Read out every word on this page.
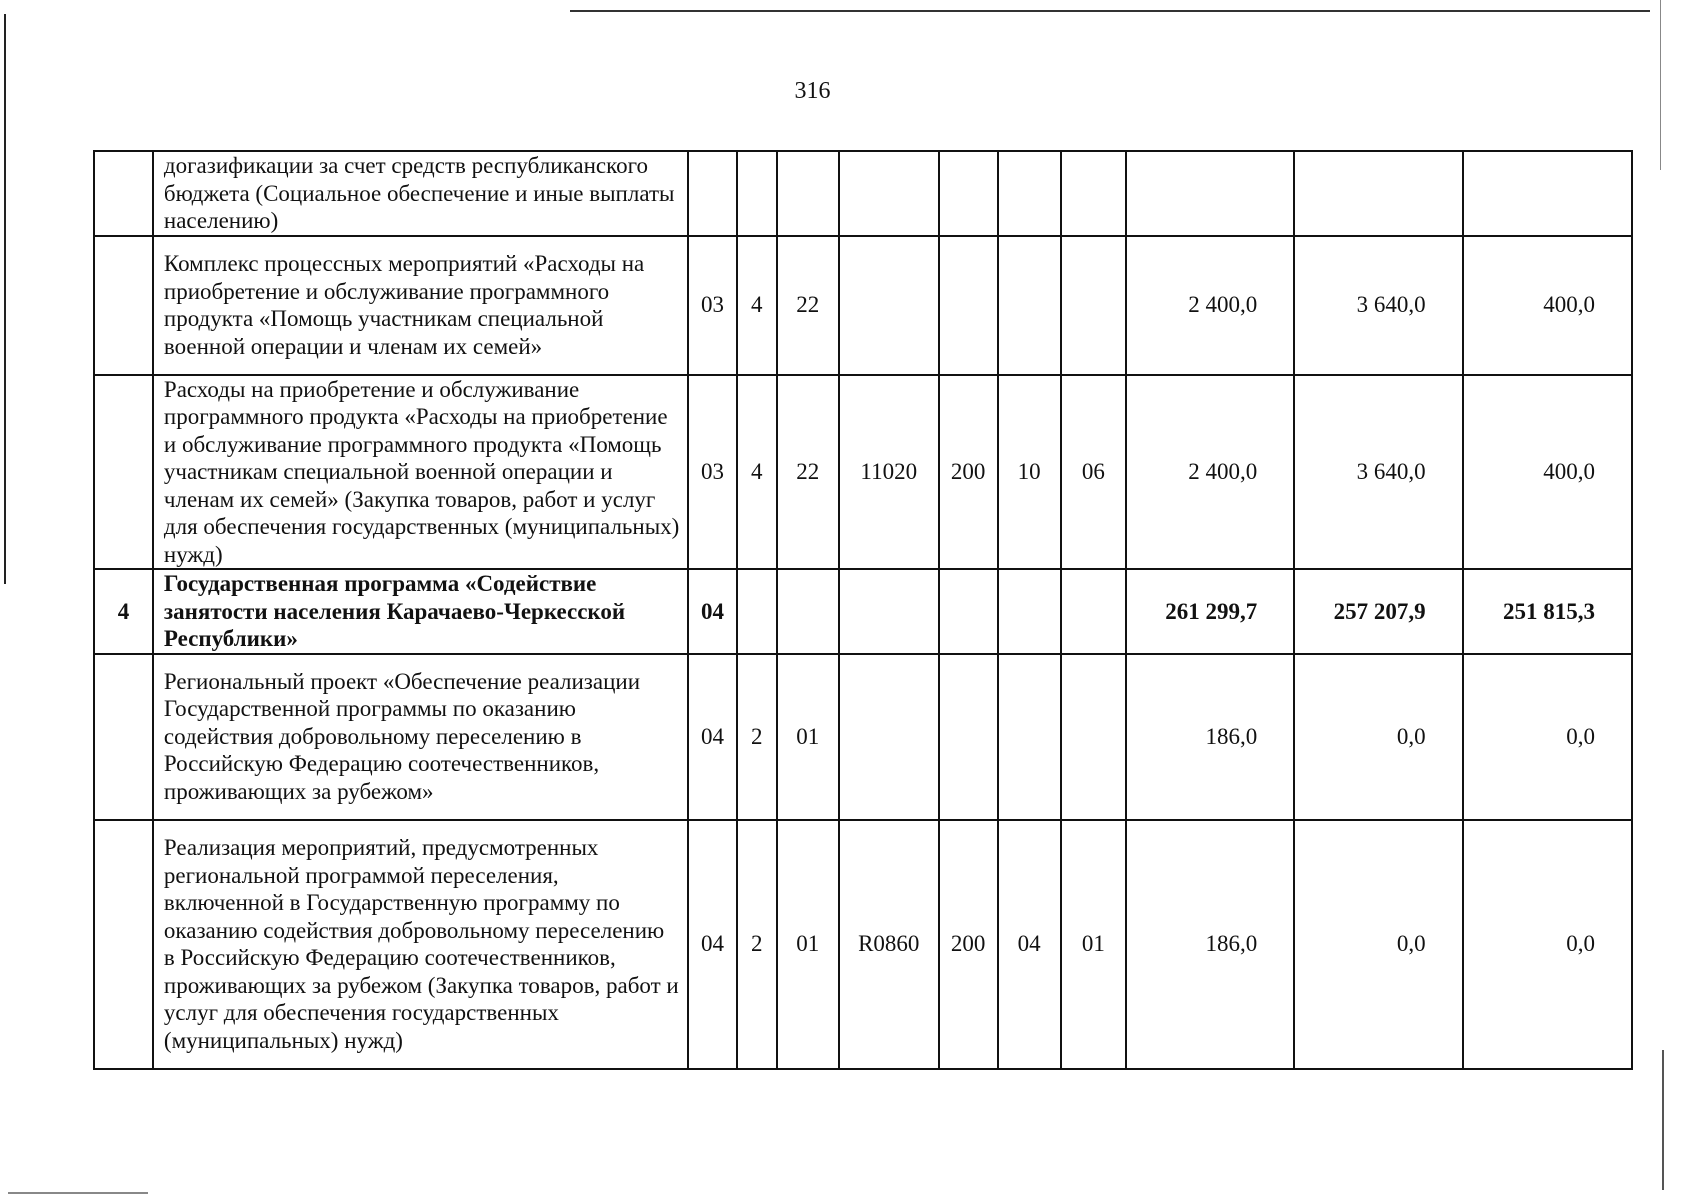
316
	догазификации за счет средств республиканского бюджета (Социальное обеспечение и иные выплаты населению)										
	Комплекс процессных мероприятий «Расходы на приобретение и обслуживание программного продукта «Помощь участникам специальной военной операции и членам их семей»	03	4	22					2 400,0	3 640,0	400,0
	Расходы на приобретение и обслуживание программного продукта «Расходы на приобретение и обслуживание программного продукта «Помощь участникам специальной военной операции и членам их семей» (Закупка товаров, работ и услуг для обеспечения государственных (муниципальных) нужд)	03	4	22	11020	200	10	06	2 400,0	3 640,0	400,0
4	Государственная программа «Содействие занятости населения Карачаево-Черкесской Республики»	04							261 299,7	257 207,9	251 815,3
	Региональный проект «Обеспечение реализации Государственной программы по оказанию содействия добровольному переселению в Российскую Федерацию соотечественников, проживающих за рубежом»	04	2	01					186,0	0,0	0,0
	Реализация мероприятий, предусмотренных региональной программой переселения, включенной в Государственную программу по оказанию содействия добровольному переселению в Российскую Федерацию соотечественников, проживающих за рубежом (Закупка товаров, работ и услуг для обеспечения государственных (муниципальных) нужд)	04	2	01	R0860	200	04	01	186,0	0,0	0,0
